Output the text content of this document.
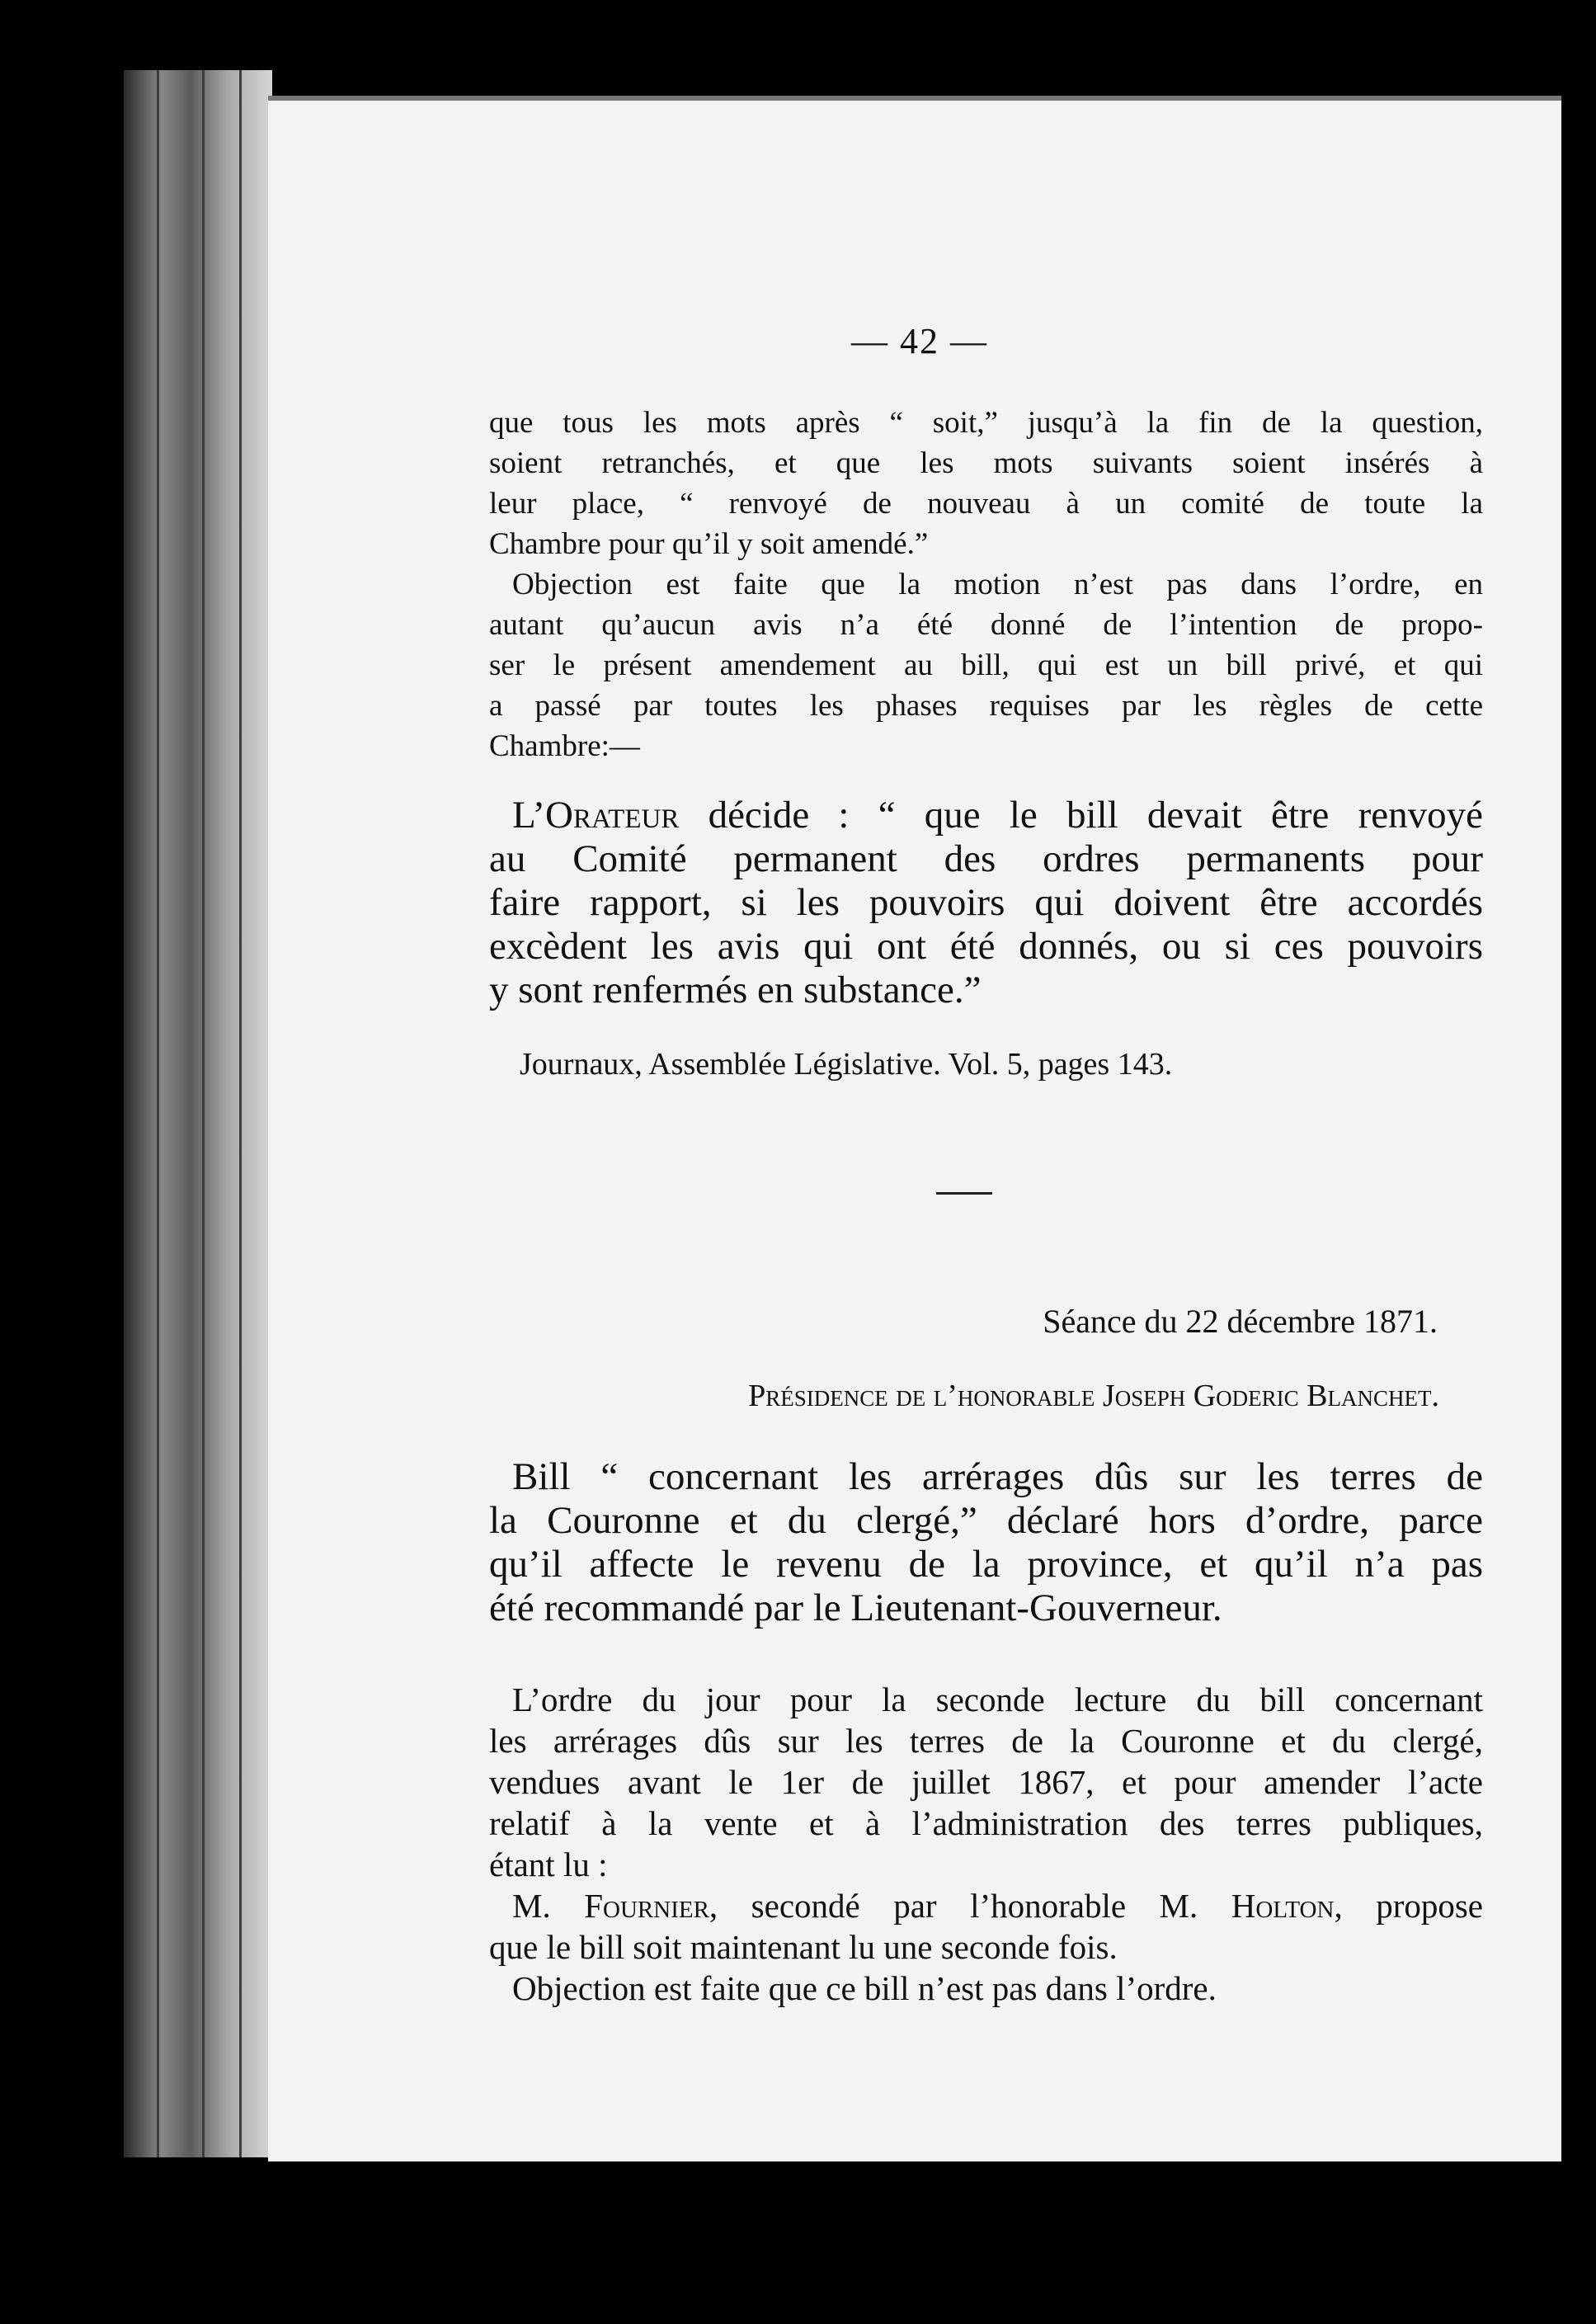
— 42 —
que tous les mots après “ soit,” jusqu’à la fin de la question,
soient retranchés, et que les mots suivants soient insérés à
leur place, “ renvoyé de nouveau à un comité de toute la
Chambre pour qu’il y soit amendé.”
Objection est faite que la motion n’est pas dans l’ordre, en
autant qu’aucun avis n’a été donné de l’intention de propo-
ser le présent amendement au bill, qui est un bill privé, et qui
a passé par toutes les phases requises par les règles de cette
Chambre:—
L’Orateur décide : “ que le bill devait être renvoyé
au Comité permanent des ordres permanents pour
faire rapport, si les pouvoirs qui doivent être accordés
excèdent les avis qui ont été donnés, ou si ces pouvoirs
y sont renfermés en substance.”
Journaux, Assemblée Législative. Vol. 5, pages 143.
Séance du 22 décembre 1871.
Présidence de l’honorable Joseph Goderic Blanchet.
Bill “ concernant les arrérages dûs sur les terres de
la Couronne et du clergé,” déclaré hors d’ordre, parce
qu’il affecte le revenu de la province, et qu’il n’a pas
été recommandé par le Lieutenant-Gouverneur.
L’ordre du jour pour la seconde lecture du bill concernant
les arrérages dûs sur les terres de la Couronne et du clergé,
vendues avant le 1er de juillet 1867, et pour amender l’acte
relatif à la vente et à l’administration des terres publiques,
étant lu :
M. Fournier, secondé par l’honorable M. Holton, propose
que le bill soit maintenant lu une seconde fois.
Objection est faite que ce bill n’est pas dans l’ordre.
